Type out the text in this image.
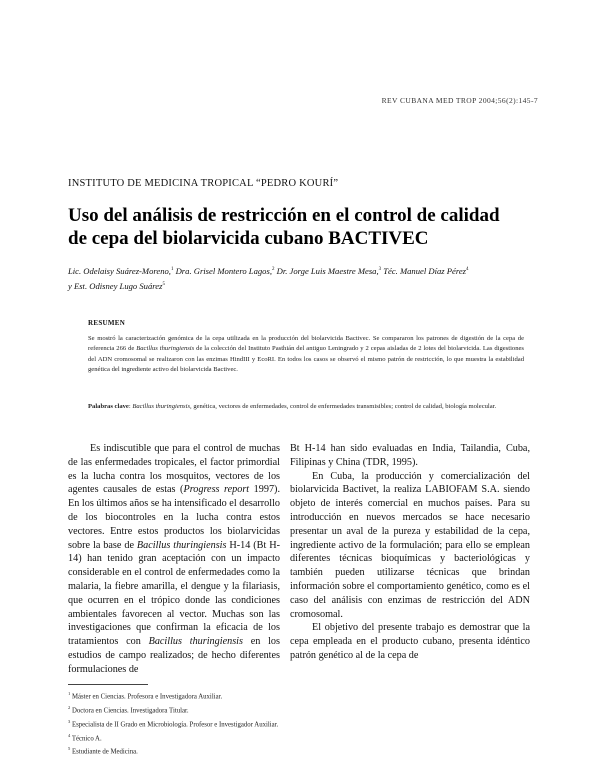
REV CUBANA MED TROP 2004;56(2):145-7
INSTITUTO DE MEDICINA TROPICAL “PEDRO KOURÍ”
Uso del análisis de restricción en el control de calidad
de cepa del biolarvicida cubano BACTIVEC
Lic. Odelaisy Suárez-Moreno,$^1$ Dra. Grisel Montero Lagos,$^2$ Dr. Jorge Luis Maestre Mesa,$^3$ Téc. Manuel Díaz Pérez$^4$
y Est. Odisney Lugo Suárez$^5$
RESUMEN
Se mostró la caracterización genómica de la cepa utilizada en la producción del biolarvicida Bactivec. Se compararon los patrones de digestión de la cepa de referencia 266 de Bacillus thuringiensis de la colección del Instituto Pasthián del antiguo Leningrado y 2 cepas aisladas de 2 lotes del biolarvicida. Las digestiones del ADN cromosomal se realizaron con las enzimas HindIII y EcoRI. En todos los casos se observó el mismo patrón de restricción, lo que muestra la estabilidad genética del ingrediente activo del biolarvicida Bactivec.
Palabras clave: Bacillus thuringiensis, genética, vectores de enfermedades, control de enfermedades transmisibles; control de calidad, biología molecular.

Es indiscutible que para el control de muchas de las enfermedades tropicales, el factor primordial es la lucha contra los mosquitos, vectores de los agentes causales de estas (Progress report 1997). En los últimos años se ha intensificado el desarrollo de los biocontroles en la lucha contra estos vectores. Entre estos productos los biolarvicidas sobre la base de Bacillus thuringiensis H-14 (Bt H-14) han tenido gran aceptación con un impacto considerable en el control de enfermedades como la malaria, la fiebre amarilla, el dengue y la filariasis, que ocurren en el trópico donde las condiciones ambientales favorecen al vector. Muchas son las investigaciones que confirman la eficacia de los tratamientos con Bacillus thuringiensis en los estudios de campo realizados; de hecho diferentes formulaciones de

Bt H-14 han sido evaluadas en India, Tailandia, Cuba, Filipinas y China (TDR, 1995).

En Cuba, la producción y comercialización del biolarvicida Bactivet, la realiza LABIOFAM S.A. siendo objeto de interés comercial en muchos países. Para su introducción en nuevos mercados se hace necesario presentar un aval de la pureza y estabilidad de la cepa, ingrediente activo de la formulación; para ello se emplean diferentes técnicas bioquímicas y bacteriológicas y también pueden utilizarse técnicas que brindan información sobre el comportamiento genético, como es el caso del análisis con enzimas de restricción del ADN cromosomal.

El objetivo del presente trabajo es demostrar que la cepa empleada en el producto cubano, presenta idéntico patrón genético al de la cepa de

$^1$ Máster en Ciencias. Profesora e Investigadora Auxiliar.
$^2$ Doctora en Ciencias. Investigadora Titular.
$^3$ Especialista de II Grado en Microbiología. Profesor e Investigador Auxiliar.
$^4$ Técnico A.
$^5$ Estudiante de Medicina.
